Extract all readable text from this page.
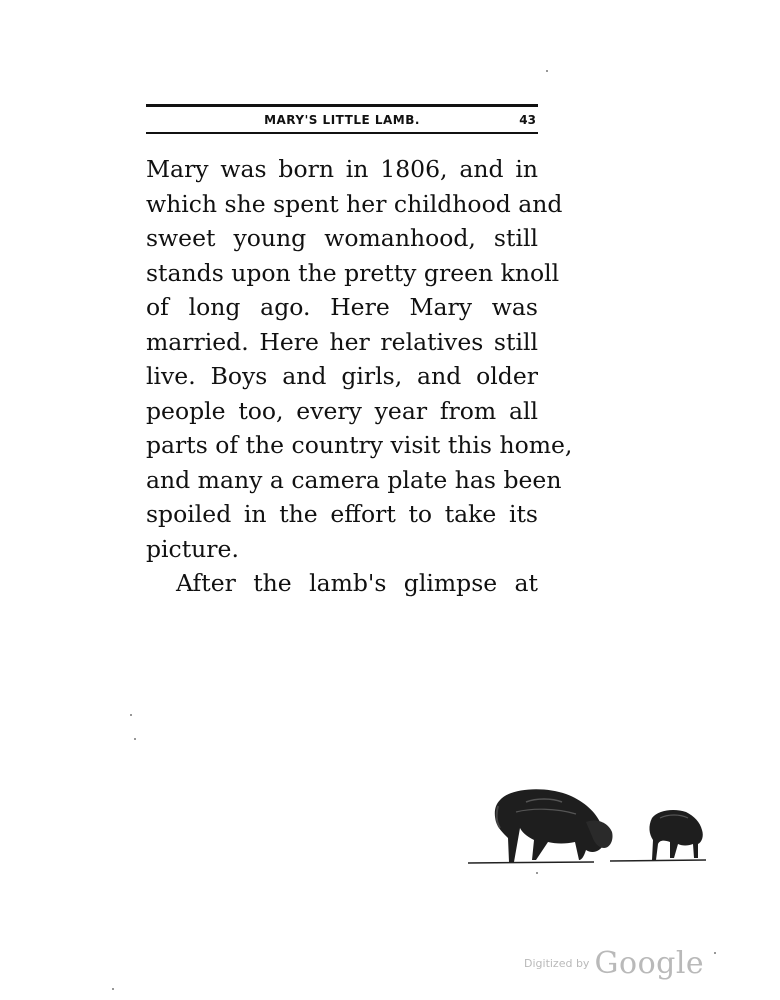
MARY'S LITTLE LAMB.	43
Mary was born in 1806, and in
which she spent her childhood and
sweet young womanhood, still
stands upon the pretty green knoll
of long ago. Here Mary was
married. Here her relatives still
live. Boys and girls, and older
people too, every year from all
parts of the country visit this home,
and many a camera plate has been
spoiled in the effort to take its
picture.
After the lamb's glimpse at
Digitized by Google
